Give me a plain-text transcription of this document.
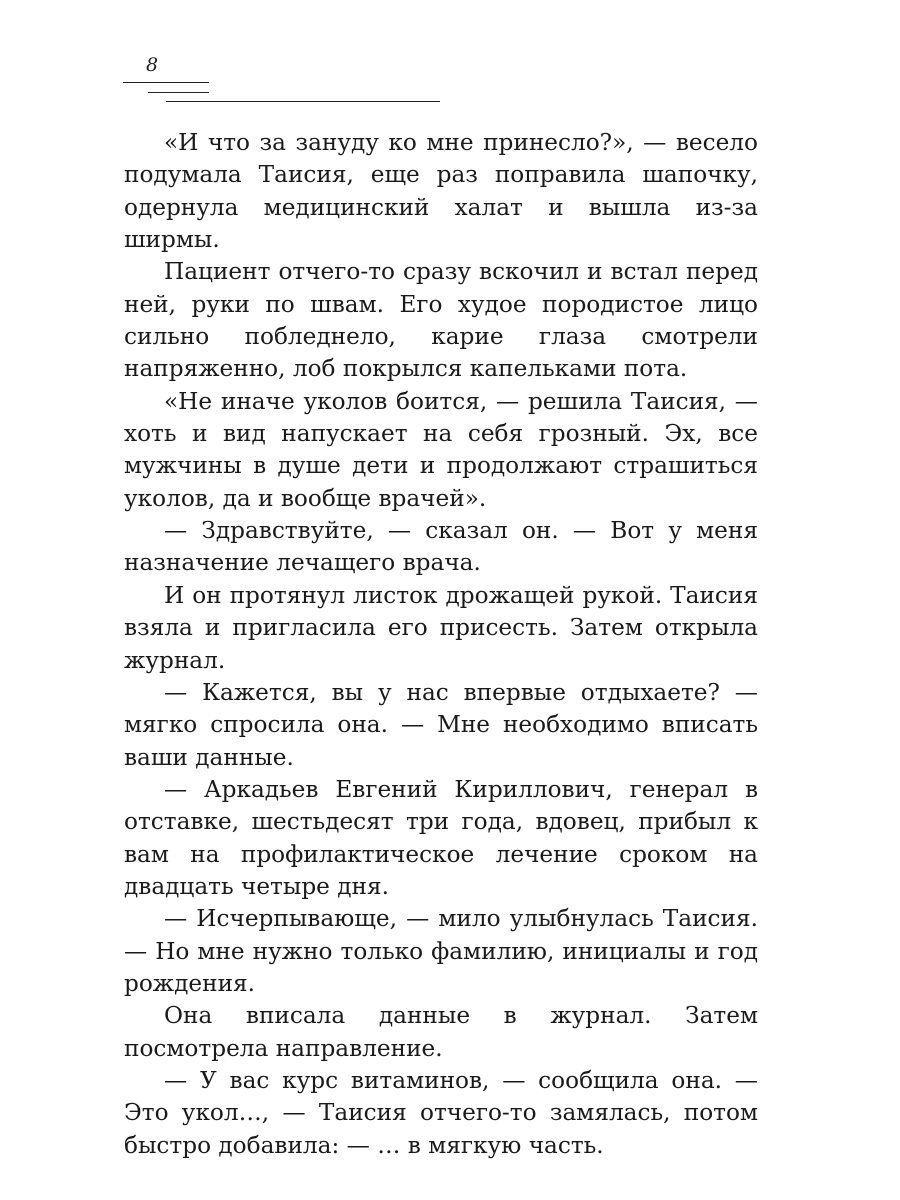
8

«И что за зануду ко мне принесло?», — весело подумала Таисия, еще раз поправила шапочку, одернула медицинский халат и вышла из-за ширмы.

Пациент отчего-то сразу вскочил и встал перед ней, руки по швам. Его худое породистое лицо сильно побледнело, карие глаза смотрели напряженно, лоб покрылся капельками пота.

«Не иначе уколов боится, — решила Таисия, — хоть и вид напускает на себя грозный. Эх, все мужчины в душе дети и продолжают страшиться уколов, да и вообще врачей».

— Здравствуйте, — сказал он. — Вот у меня назначение лечащего врача.

И он протянул листок дрожащей рукой. Таисия взяла и пригласила его присесть. Затем открыла журнал.

— Кажется, вы у нас впервые отдыхаете? — мягко спросила она. — Мне необходимо вписать ваши данные.

— Аркадьев Евгений Кириллович, генерал в отставке, шестьдесят три года, вдовец, прибыл к вам на профилактическое лечение сроком на двадцать четыре дня.

— Исчерпывающе, — мило улыбнулась Таисия. — Но мне нужно только фамилию, инициалы и год рождения.

Она вписала данные в журнал. Затем посмотрела направление.

— У вас курс витаминов, — сообщила она. — Это укол…, — Таисия отчего-то замялась, потом быстро добавила: — … в мягкую часть.
